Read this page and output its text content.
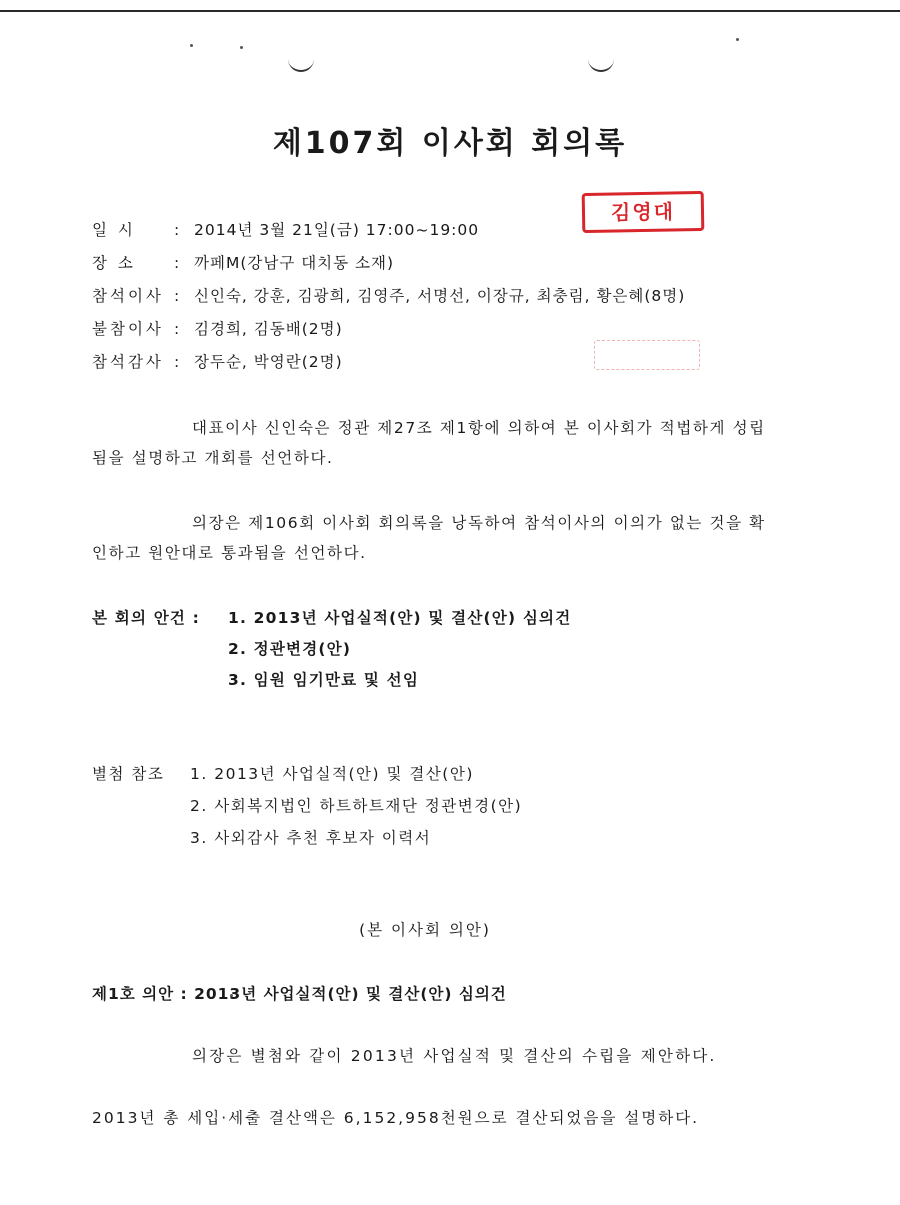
제107회 이사회 회의록
김영대
일 시 : 2014년 3월 21일(금) 17:00~19:00
장 소 : 까페M(강남구 대치동 소재)
참석이사 : 신인숙, 강훈, 김광희, 김영주, 서명선, 이장규, 최충림, 황은혜(8명)
불참이사 : 김경희, 김동배(2명)
참석감사 : 장두순, 박영란(2명)
대표이사 신인숙은 정관 제27조 제1항에 의하여 본 이사회가 적법하게 성립됨을 설명하고 개회를 선언하다.
의장은 제106회 이사회 회의록을 낭독하여 참석이사의 이의가 없는 것을 확인하고 원안대로 통과됨을 선언하다.
본 회의 안건 : 1. 2013년 사업실적(안) 및 결산(안) 심의건
2. 정관변경(안)
3. 임원 임기만료 및 선임
별첨 참조 1. 2013년 사업실적(안) 및 결산(안)
2. 사회복지법인 하트하트재단 정관변경(안)
3. 사외감사 추천 후보자 이력서
(본 이사회 의안)
제1호 의안 : 2013년 사업실적(안) 및 결산(안) 심의건
의장은 별첨와 같이 2013년 사업실적 및 결산의 수립을 제안하다.
2013년 총 세입·세출 결산액은 6,152,958천원으로 결산되었음을 설명하다.
